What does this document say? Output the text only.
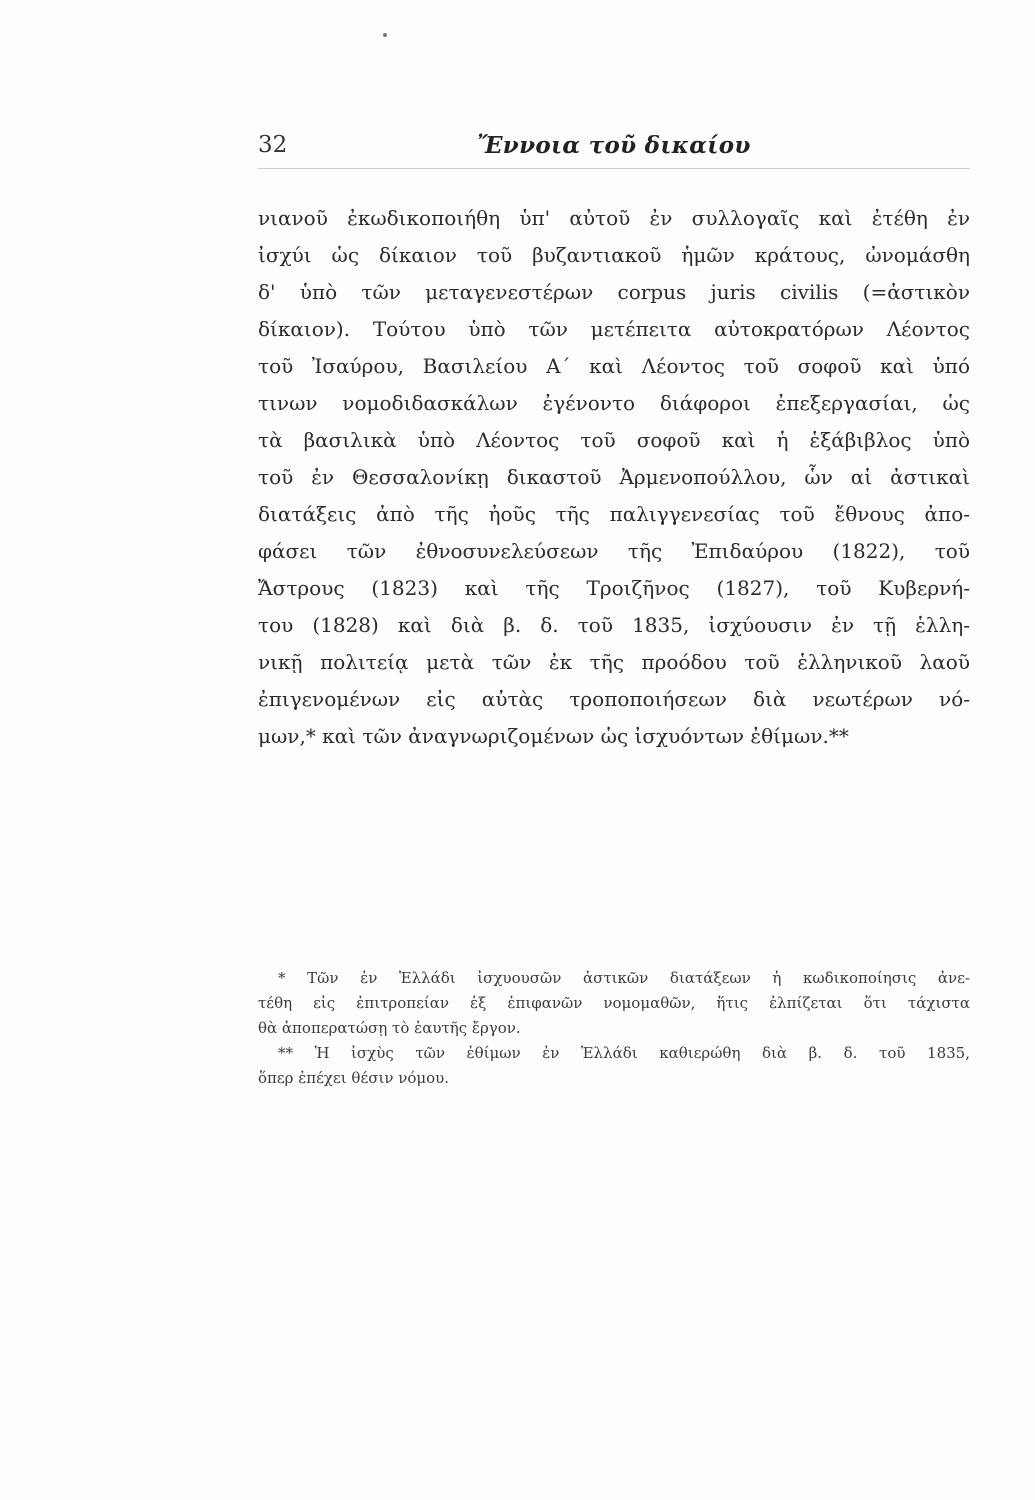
32	Ἔννοια τοῦ δικαίου
νιανοῦ ἐκωδικοποιήθη ὑπ' αὐτοῦ ἐν συλλογαῖς καὶ ἐτέθη ἐν
ἰσχύι ὡς δίκαιον τοῦ βυζαντιακοῦ ἡμῶν κράτους, ὠνομάσθη
δ' ὑπὸ τῶν μεταγενεστέρων corpus juris civilis (=ἀστικὸν
δίκαιον). Τούτου ὑπὸ τῶν μετέπειτα αὐτοκρατόρων Λέοντος
τοῦ Ἰσαύρου, Βασιλείου Α΄ καὶ Λέοντος τοῦ σοφοῦ καὶ ὑπό
τινων νομοδιδασκάλων ἐγένοντο διάφοροι ἐπεξεργασίαι, ὡς
τὰ βασιλικὰ ὑπὸ Λέοντος τοῦ σοφοῦ καὶ ἡ ἑξάβιβλος ὑπὸ
τοῦ ἐν Θεσσαλονίκῃ δικαστοῦ Ἀρμενοπούλλου, ὧν αἱ ἀστικαὶ
διατάξεις ἀπὸ τῆς ἠοῦς τῆς παλιγγενεσίας τοῦ ἔθνους ἀπο-
φάσει τῶν ἐθνοσυνελεύσεων τῆς Ἐπιδαύρου (1822), τοῦ
Ἄστρους (1823) καὶ τῆς Τροιζῆνος (1827), τοῦ Κυβερνή-
του (1828) καὶ διὰ β. δ. τοῦ 1835, ἰσχύουσιν ἐν τῇ ἑλλη-
νικῇ πολιτείᾳ μετὰ τῶν ἐκ τῆς προόδου τοῦ ἑλληνικοῦ λαοῦ
ἐπιγενομένων εἰς αὐτὰς τροποποιήσεων διὰ νεωτέρων νό-
μων,* καὶ τῶν ἀναγνωριζομένων ὡς ἰσχυόντων ἐθίμων.**
* Τῶν ἐν Ἑλλάδι ἰσχυουσῶν ἀστικῶν διατάξεων ἡ κωδικοποίησις ἀνε-
τέθη εἰς ἐπιτροπείαν ἐξ ἐπιφανῶν νομομαθῶν, ἥτις ἐλπίζεται ὅτι τάχιστα
θὰ ἀποπερατώσῃ τὸ ἑαυτῆς ἔργον.
** Ἡ ἰσχὺς τῶν ἐθίμων ἐν Ἑλλάδι καθιερώθη διὰ β. δ. τοῦ 1835,
ὅπερ ἐπέχει θέσιν νόμου.
